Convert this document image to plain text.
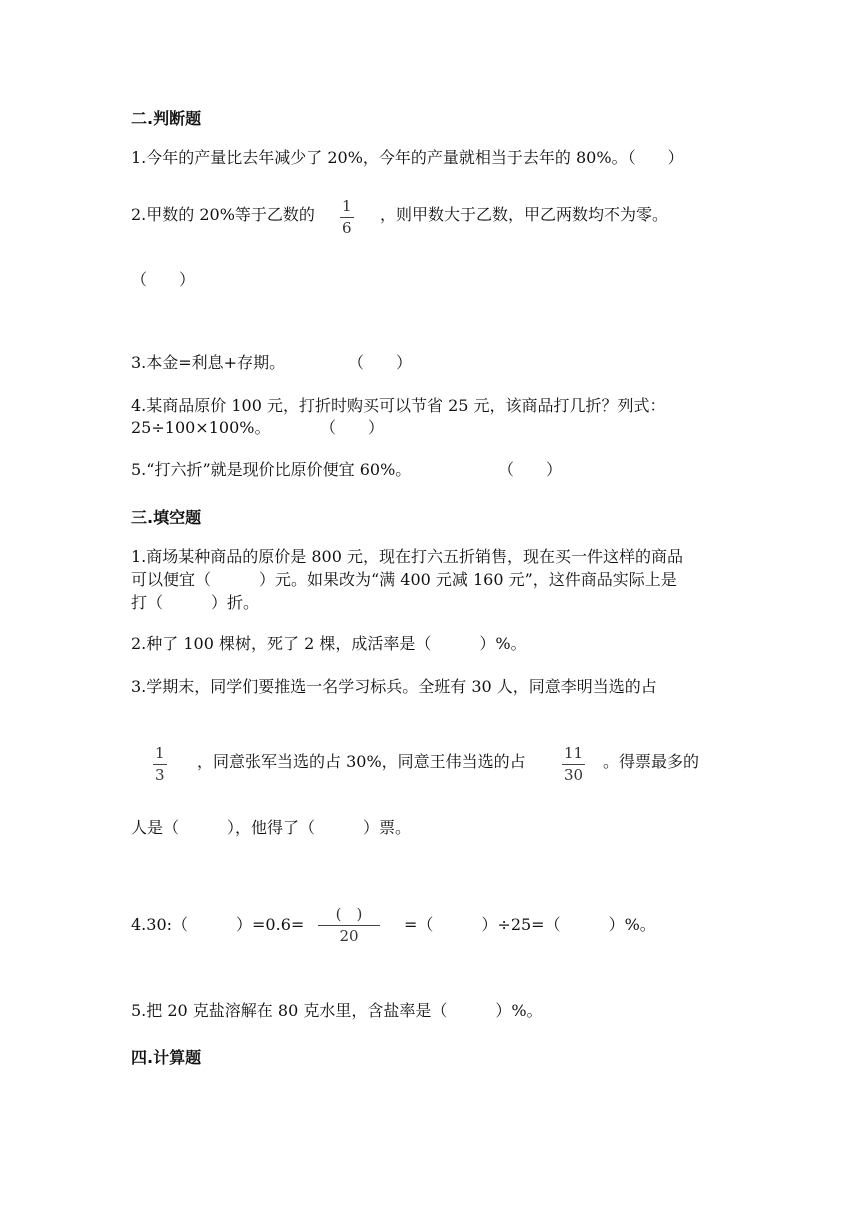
二.判断题
1.今年的产量比去年减少了 20%，今年的产量就相当于去年的 80%。（　　）
2.甲数的 20%等于乙数的 1
6
，则甲数大于乙数，甲乙两数均不为零。
（　　）
3.本金=利息+存期。	（　　）
4.某商品原价 100 元，打折时购买可以节省 25 元，该商品打几折？列式：
25÷100×100%。	（　　）
5.“打六折”就是现价比原价便宜 60%。	（　　）
三.填空题
1.商场某种商品的原价是 800 元，现在打六五折销售，现在买一件这样的商品
可以便宜（　　　）元。如果改为“满 400 元减 160 元”，这件商品实际上是
打（　　　）折。
2.种了 100 棵树，死了 2 棵，成活率是（　　　）%。
3.学期末，同学们要推选一名学习标兵。全班有 30 人，同意李明当选的占
1
3
，同意张军当选的占 30%，同意王伟当选的占	11
30
。得票最多的
人是（　　　），他得了（　　　）票。
4.30:（　　　）=0.6=
(　)
20
=（　　　）÷25=（　　　）%。
5.把 20 克盐溶解在 80 克水里，含盐率是（　　　）%。
四.计算题
